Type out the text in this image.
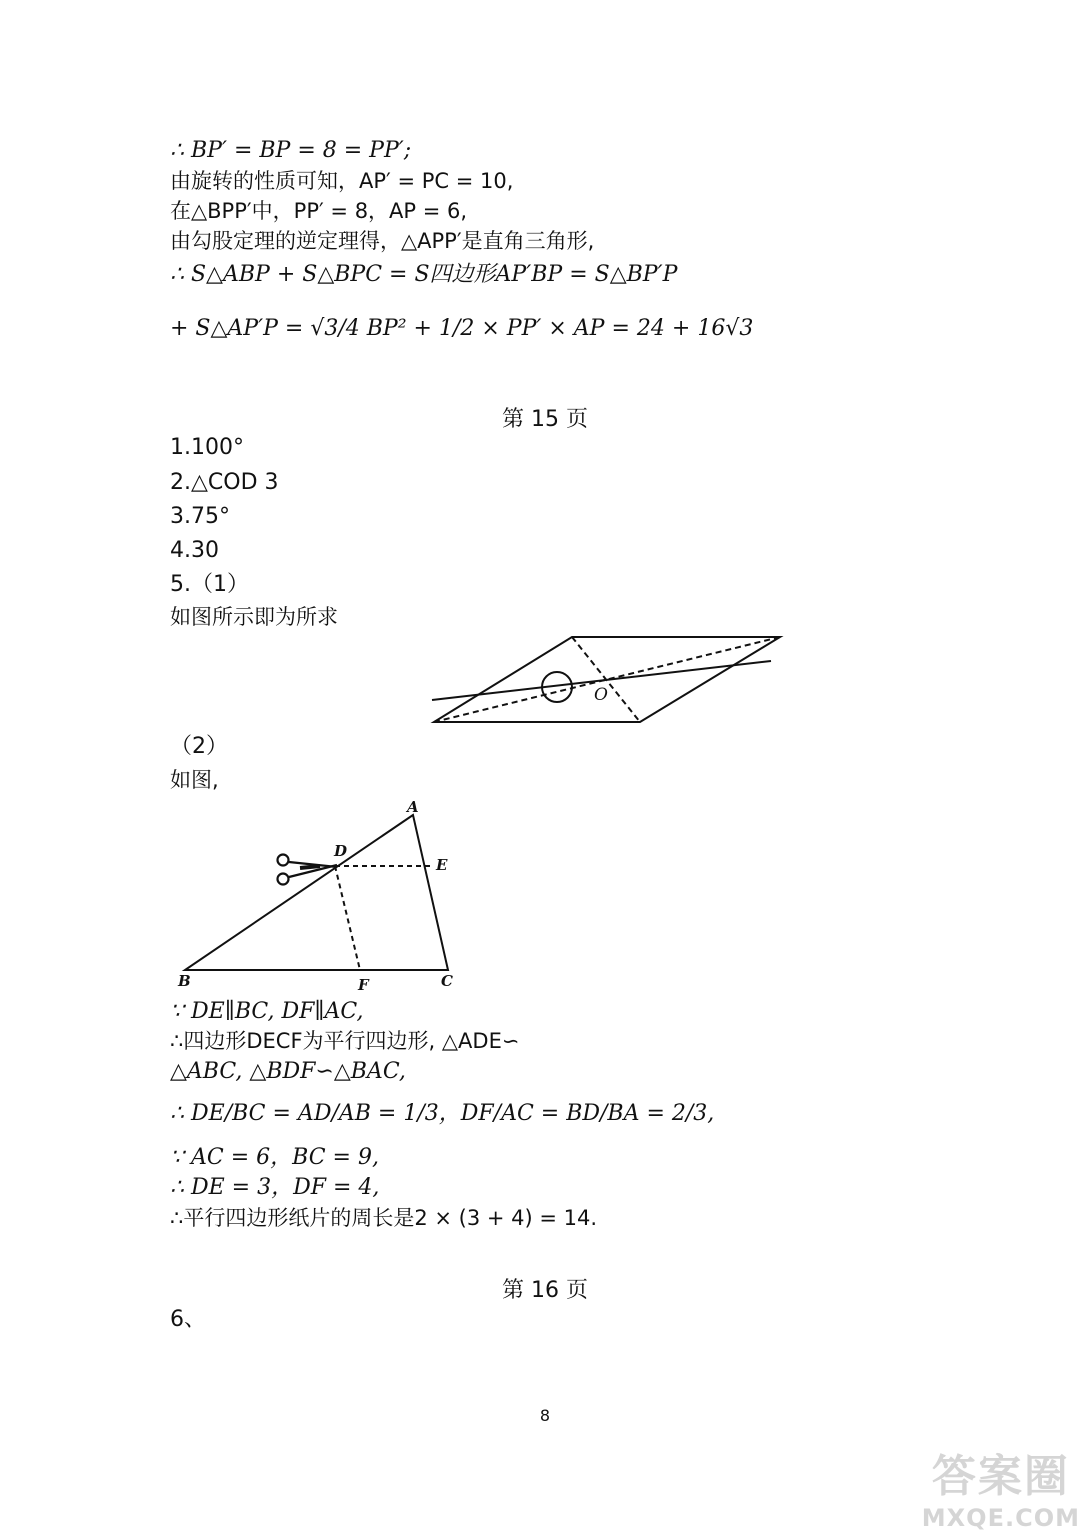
∴ BP′ = BP = 8 = PP′;
由旋转的性质可知，AP′ = PC = 10,
在△BPP′中，PP′ = 8，AP = 6,
由勾股定理的逆定理得，△APP′是直角三角形,
∴ S△ABP + S△BPC = S四边形AP′BP = S△BP′P
+ S△AP′P = √3/4 BP² + 1/2 × PP′ × AP = 24 + 16√3
第 15 页
1.100°
2.△COD 3
3.75°
4.30
5.（1）
如图所示即为所求
O
（2）
如图,
A
D
E
B	F	C
∵ DE∥BC, DF∥AC,
∴四边形DECF为平行四边形, △ADE∽
△ABC, △BDF∽△BAC,
∴ DE/BC = AD/AB = 1/3，DF/AC = BD/BA = 2/3,
∵ AC = 6，BC = 9,
∴ DE = 3，DF = 4,
∴平行四边形纸片的周长是2 × (3 + 4) = 14.
第 16 页
6、
8
答案圈
MXQE.COM
